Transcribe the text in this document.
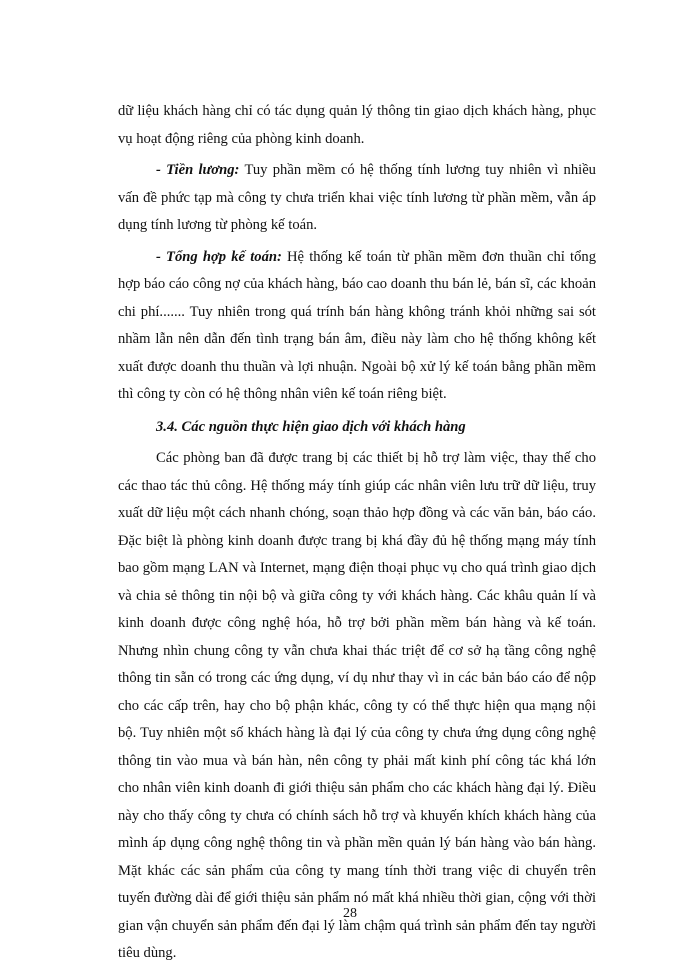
dữ liệu khách hàng chỉ có tác dụng quản lý thông tin giao dịch khách hàng, phục vụ hoạt động riêng của phòng kinh doanh.

- Tiền lương: Tuy phần mềm có hệ thống tính lương tuy nhiên vì nhiều vấn đề phức tạp mà công ty chưa triển khai việc tính lương từ phần mềm, vẫn áp dụng tính lương từ phòng kế toán.

- Tổng hợp kế toán: Hệ thống kế toán từ phần mềm đơn thuần chỉ tổng hợp báo cáo công nợ của khách hàng, báo cao doanh thu bán lẻ, bán sĩ, các khoản chi phí....... Tuy nhiên trong quá trính bán hàng không tránh khỏi những sai sót nhầm lẫn nên dẫn đến tình trạng bán âm, điều này làm cho hệ thống không kết xuất được doanh thu thuần và lợi nhuận. Ngoài bộ xử lý kế toán bằng phần mềm thì công ty còn có hệ thông nhân viên kế toán riêng biệt.

3.4. Các nguồn thực hiện giao dịch với khách hàng

Các phòng ban đã được trang bị các thiết bị hỗ trợ làm việc, thay thế cho các thao tác thủ công. Hệ thống máy tính giúp các nhân viên lưu trữ dữ liệu, truy xuất dữ liệu một cách nhanh chóng, soạn thảo hợp đồng và các văn bản, báo cáo. Đặc biệt là phòng kinh doanh được trang bị khá đầy đủ hệ thống mạng máy tính bao gồm mạng LAN và Internet, mạng điện thoại phục vụ cho quá trình giao dịch và chia sẻ thông tin nội bộ và giữa công ty với khách hàng. Các khâu quản lí và kinh doanh được công nghệ hóa, hỗ trợ bởi phần mềm bán hàng và kế toán. Nhưng nhìn chung công ty vẫn chưa khai thác triệt để cơ sở hạ tầng công nghệ thông tin sẵn có trong các ứng dụng, ví dụ như thay vì in các bản báo cáo để nộp cho các cấp trên, hay cho bộ phận khác, công ty có thể thực hiện qua mạng nội bộ. Tuy nhiên một số khách hàng là đại lý của công ty chưa ứng dụng công nghệ thông tin vào mua và bán hàn, nên công ty phải mất kinh phí công tác khá lớn cho nhân viên kinh doanh đi giới thiệu sản phẩm cho các khách hàng đại lý. Điều này cho thấy công ty chưa có chính sách hỗ trợ và khuyến khích khách hàng của mình áp dụng công nghệ thông tin và phần mền quản lý bán hàng vào bán hàng. Mặt khác các sản phẩm của công ty mang tính thời trang việc di chuyển trên tuyến đường dài để giới thiệu sản phẩm nó mất khá nhiều thời gian, cộng với thời gian vận chuyển sản phẩm đến đại lý làm chậm quá trình sản phẩm đến tay người tiêu dùng.

28
